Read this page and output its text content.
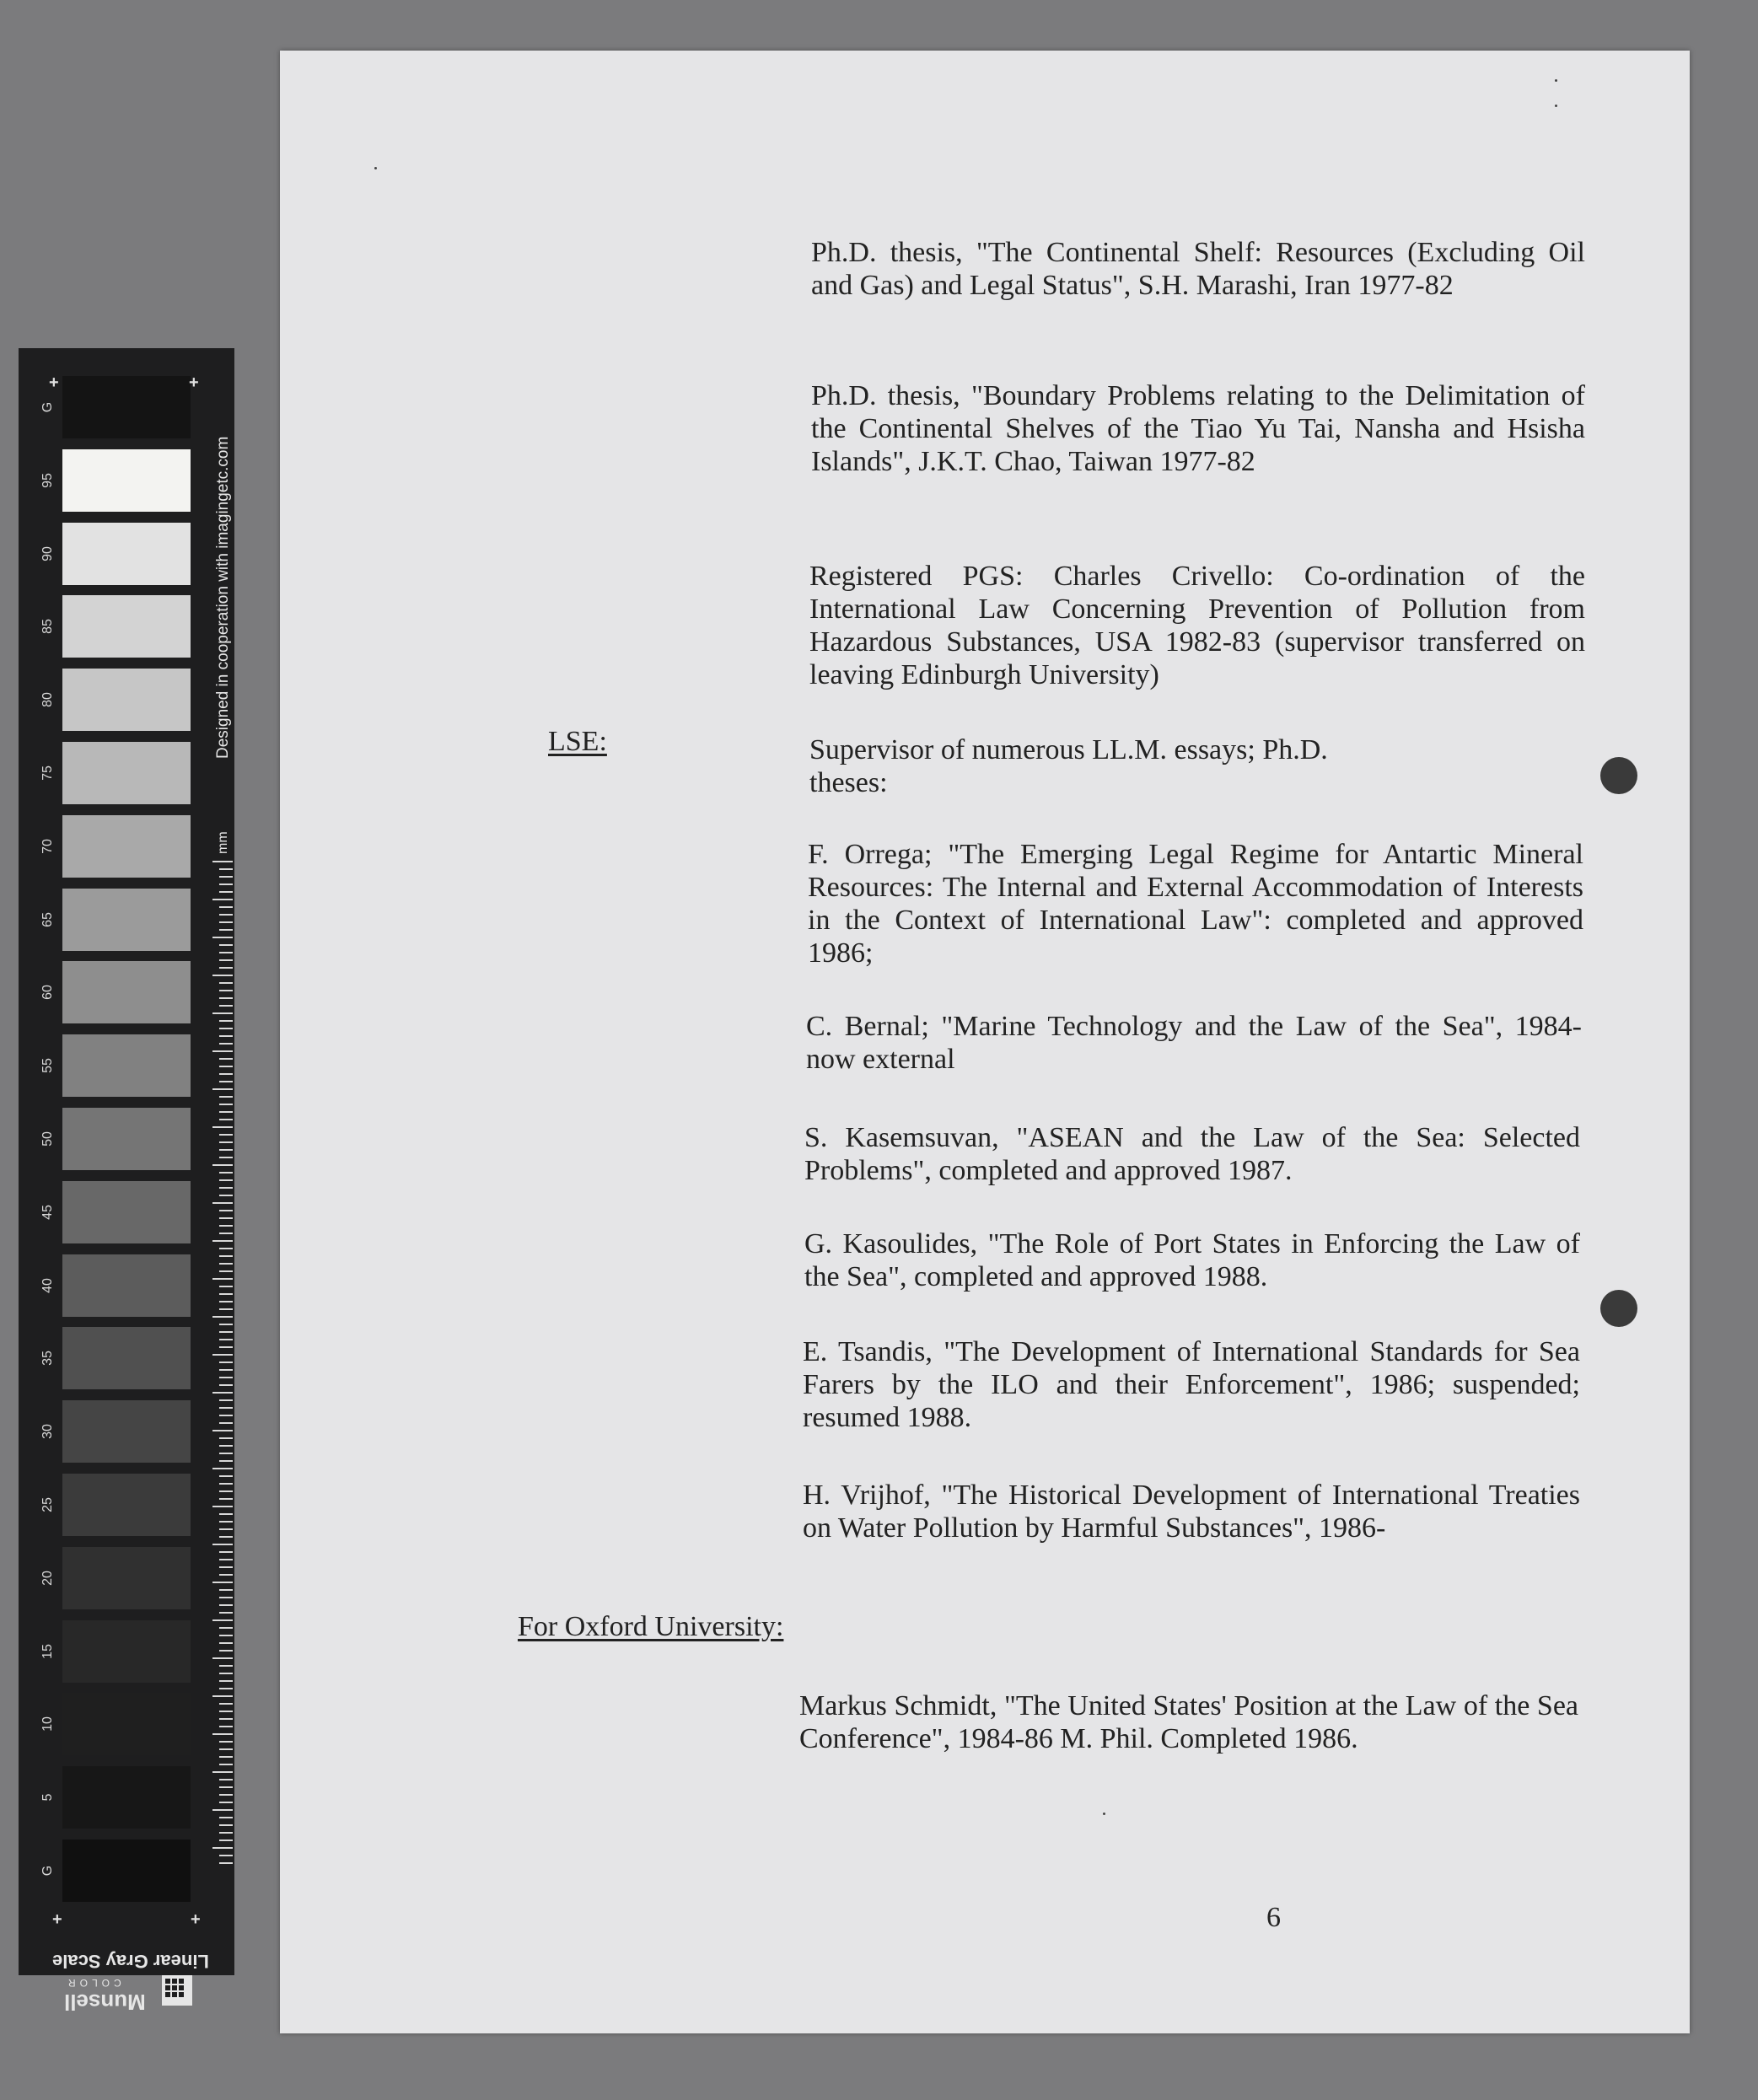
G
95
90
85
80
75
70
65
60
55
50
45
40
35
30
25
20
15
10
5
G
+	+
+	+
Designed in cooperation with imagingetc.com
mm
Linear Gray Scale
COLOR
Munsell
Ph.D. thesis, "The Continental Shelf: Resources (Excluding Oil and Gas) and Legal Status", S.H. Marashi, Iran 1977-82
Ph.D. thesis, "Boundary Problems relating to the Delimitation of the Continental Shelves of the Tiao Yu Tai, Nansha and Hsisha Islands", J.K.T. Chao, Taiwan 1977-82
Registered PGS: Charles Crivello: Co-ordination of the International Law Concerning Prevention of Pollution from Hazardous Substances, USA 1982-83 (supervisor transferred on leaving Edinburgh University)
LSE:	Supervisor of numerous LL.M. essays; Ph.D. theses:
F. Orrega; "The Emerging Legal Regime for Antartic Mineral Resources: The Internal and External Accommodation of Interests in the Context of International Law": completed and approved 1986;
C. Bernal; "Marine Technology and the Law of the Sea", 1984- now external
S. Kasemsuvan, "ASEAN and the Law of the Sea: Selected Problems", completed and approved 1987.
G. Kasoulides, "The Role of Port States in Enforcing the Law of the Sea", completed and approved 1988.
E. Tsandis, "The Development of International Standards for Sea Farers by the ILO and their Enforcement", 1986; suspended; resumed 1988.
H. Vrijhof, "The Historical Development of International Treaties on Water Pollution by Harmful Substances", 1986-
For Oxford University:
Markus Schmidt, "The United States' Position at the Law of the Sea Conference", 1984-86 M. Phil. Completed 1986.
6
